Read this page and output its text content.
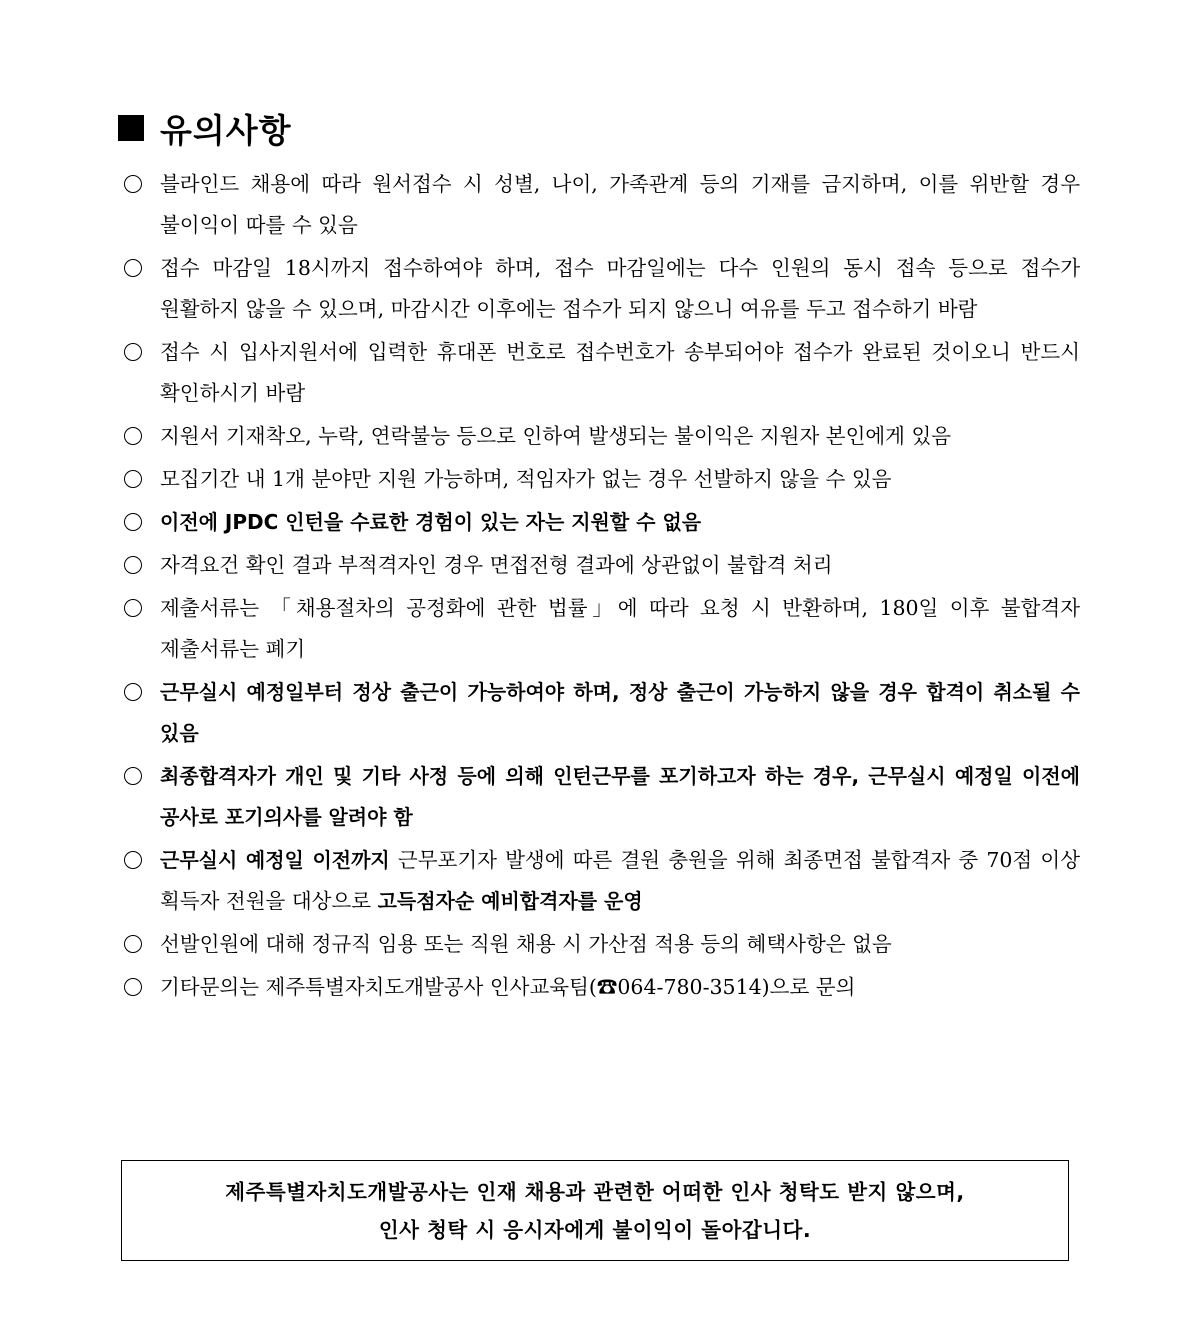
유의사항
블라인드 채용에 따라 원서접수 시 성별, 나이, 가족관계 등의 기재를 금지하며, 이를 위반할 경우 불이익이 따를 수 있음
접수 마감일 18시까지 접수하여야 하며, 접수 마감일에는 다수 인원의 동시 접속 등으로 접수가 원활하지 않을 수 있으며, 마감시간 이후에는 접수가 되지 않으니 여유를 두고 접수하기 바람
접수 시 입사지원서에 입력한 휴대폰 번호로 접수번호가 송부되어야 접수가 완료된 것이오니 반드시 확인하시기 바람
지원서 기재착오, 누락, 연락불능 등으로 인하여 발생되는 불이익은 지원자 본인에게 있음
모집기간 내 1개 분야만 지원 가능하며, 적임자가 없는 경우 선발하지 않을 수 있음
이전에 JPDC 인턴을 수료한 경험이 있는 자는 지원할 수 없음
자격요건 확인 결과 부적격자인 경우 면접전형 결과에 상관없이 불합격 처리
제출서류는 「채용절차의 공정화에 관한 법률」에 따라 요청 시 반환하며, 180일 이후 불합격자 제출서류는 폐기
근무실시 예정일부터 정상 출근이 가능하여야 하며, 정상 출근이 가능하지 않을 경우 합격이 취소될 수 있음
최종합격자가 개인 및 기타 사정 등에 의해 인턴근무를 포기하고자 하는 경우, 근무실시 예정일 이전에 공사로 포기의사를 알려야 함
근무실시 예정일 이전까지 근무포기자 발생에 따른 결원 충원을 위해 최종면접 불합격자 중 70점 이상 획득자 전원을 대상으로 고득점자순 예비합격자를 운영
선발인원에 대해 정규직 임용 또는 직원 채용 시 가산점 적용 등의 혜택사항은 없음
기타문의는 제주특별자치도개발공사 인사교육팀(☎064-780-3514)으로 문의
제주특별자치도개발공사는 인재 채용과 관련한 어떠한 인사 청탁도 받지 않으며,
인사 청탁 시 응시자에게 불이익이 돌아갑니다.
